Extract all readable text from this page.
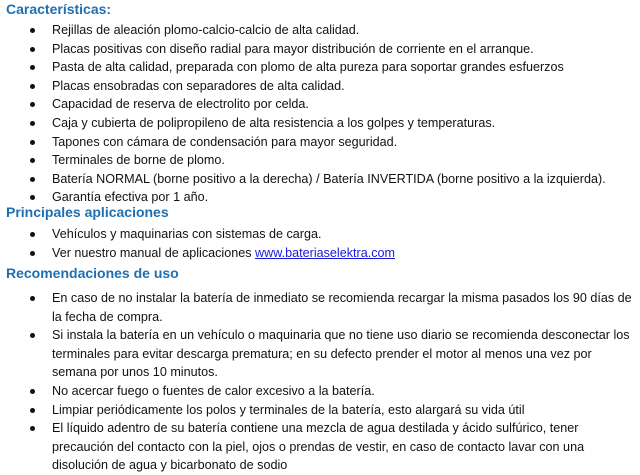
Características:
Rejillas de aleación plomo-calcio-calcio de alta calidad.
Placas positivas con diseño radial para mayor distribución de corriente en el arranque.
Pasta de alta calidad, preparada con plomo de alta pureza para soportar grandes esfuerzos
Placas ensobradas con separadores de alta calidad.
Capacidad de reserva de electrolito por celda.
Caja y cubierta de polipropileno de alta resistencia a los golpes y temperaturas.
Tapones con cámara de condensación para mayor seguridad.
Terminales de borne de plomo.
Batería NORMAL (borne positivo a la derecha) / Batería INVERTIDA (borne positivo a la izquierda).
Garantía efectiva por 1 año.
Principales aplicaciones
Vehículos y maquinarias con sistemas de carga.
Ver nuestro manual de aplicaciones www.bateriaselektra.com
Recomendaciones de uso
En caso de no instalar la batería de inmediato se recomienda recargar la misma pasados los 90 días de la fecha de compra.
Si instala la batería en un vehículo o maquinaria que no tiene uso diario se recomienda desconectar los terminales para evitar descarga prematura; en su defecto prender el motor al menos una vez por semana por unos 10 minutos.
No acercar fuego o fuentes de calor excesivo a la batería.
Limpiar periódicamente los polos y terminales de la batería, esto alargará su vida útil
El líquido adentro de su batería contiene una mezcla de agua destilada y ácido sulfúrico, tener precaución del contacto con la piel, ojos o prendas de vestir, en caso de contacto lavar con una disolución de agua y bicarbonato de sodio
